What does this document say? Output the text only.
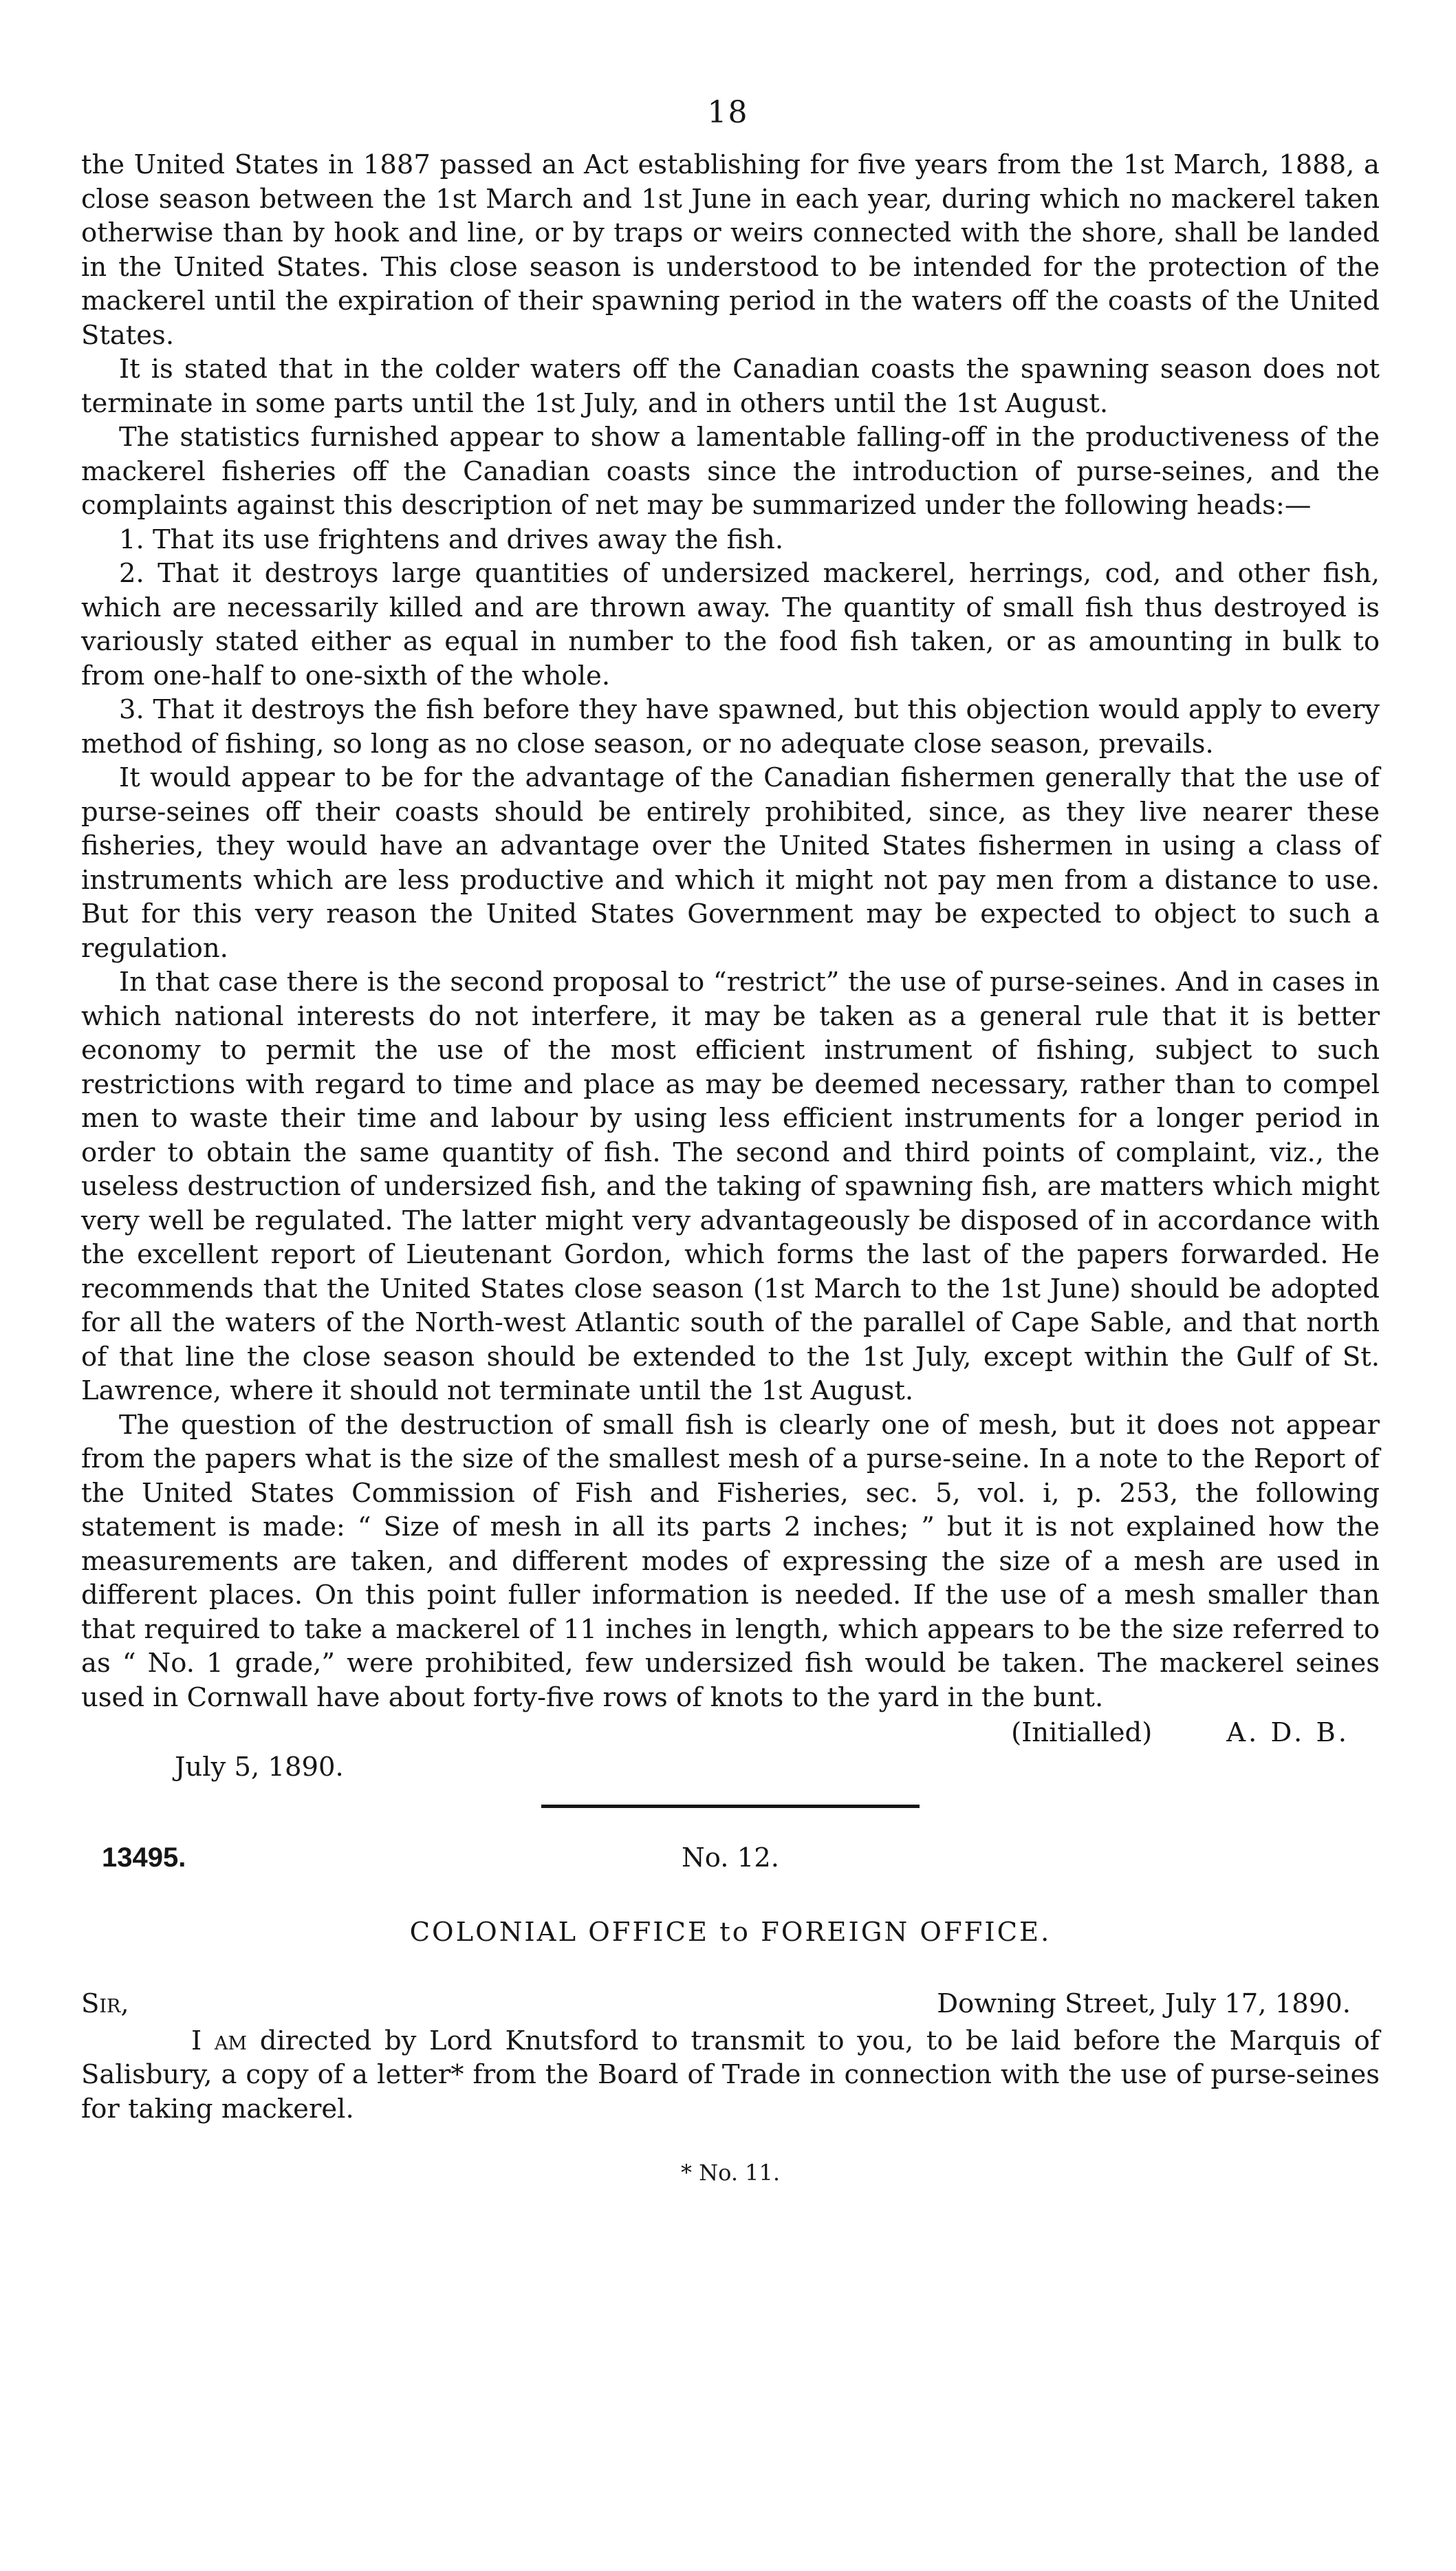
18

the United States in 1887 passed an Act establishing for five years from the 1st March, 1888, a close season between the 1st March and 1st June in each year, during which no mackerel taken otherwise than by hook and line, or by traps or weirs connected with the shore, shall be landed in the United States. This close season is understood to be intended for the protection of the mackerel until the expiration of their spawning period in the waters off the coasts of the United States.

It is stated that in the colder waters off the Canadian coasts the spawning season does not terminate in some parts until the 1st July, and in others until the 1st August.

The statistics furnished appear to show a lamentable falling-off in the productiveness of the mackerel fisheries off the Canadian coasts since the introduction of purse-seines, and the complaints against this description of net may be summarized under the following heads:—

1. That its use frightens and drives away the fish.

2. That it destroys large quantities of undersized mackerel, herrings, cod, and other fish, which are necessarily killed and are thrown away. The quantity of small fish thus destroyed is variously stated either as equal in number to the food fish taken, or as amounting in bulk to from one-half to one-sixth of the whole.

3. That it destroys the fish before they have spawned, but this objection would apply to every method of fishing, so long as no close season, or no adequate close season, prevails.

It would appear to be for the advantage of the Canadian fishermen generally that the use of purse-seines off their coasts should be entirely prohibited, since, as they live nearer these fisheries, they would have an advantage over the United States fishermen in using a class of instruments which are less productive and which it might not pay men from a distance to use. But for this very reason the United States Government may be expected to object to such a regulation.

In that case there is the second proposal to “restrict” the use of purse-seines. And in cases in which national interests do not interfere, it may be taken as a general rule that it is better economy to permit the use of the most efficient instrument of fishing, subject to such restrictions with regard to time and place as may be deemed necessary, rather than to compel men to waste their time and labour by using less efficient instruments for a longer period in order to obtain the same quantity of fish. The second and third points of complaint, viz., the useless destruction of undersized fish, and the taking of spawning fish, are matters which might very well be regulated. The latter might very advantageously be disposed of in accordance with the excellent report of Lieutenant Gordon, which forms the last of the papers forwarded. He recommends that the United States close season (1st March to the 1st June) should be adopted for all the waters of the North-west Atlantic south of the parallel of Cape Sable, and that north of that line the close season should be extended to the 1st July, except within the Gulf of St. Lawrence, where it should not terminate until the 1st August.

The question of the destruction of small fish is clearly one of mesh, but it does not appear from the papers what is the size of the smallest mesh of a purse-seine. In a note to the Report of the United States Commission of Fish and Fisheries, sec. 5, vol. i, p. 253, the following statement is made: “ Size of mesh in all its parts 2 inches; ” but it is not explained how the measurements are taken, and different modes of expressing the size of a mesh are used in different places. On this point fuller information is needed. If the use of a mesh smaller than that required to take a mackerel of 11 inches in length, which appears to be the size referred to as “ No. 1 grade,” were prohibited, few undersized fish would be taken. The mackerel seines used in Cornwall have about forty-five rows of knots to the yard in the bunt.

(Initialled)	A. D. B.
July 5, 1890.
13495.	No. 12.
COLONIAL OFFICE to FOREIGN OFFICE.
Sir,	Downing Street, July 17, 1890.

I am directed by Lord Knutsford to transmit to you, to be laid before the Marquis of Salisbury, a copy of a letter* from the Board of Trade in connection with the use of purse-seines for taking mackerel.

* No. 11.
